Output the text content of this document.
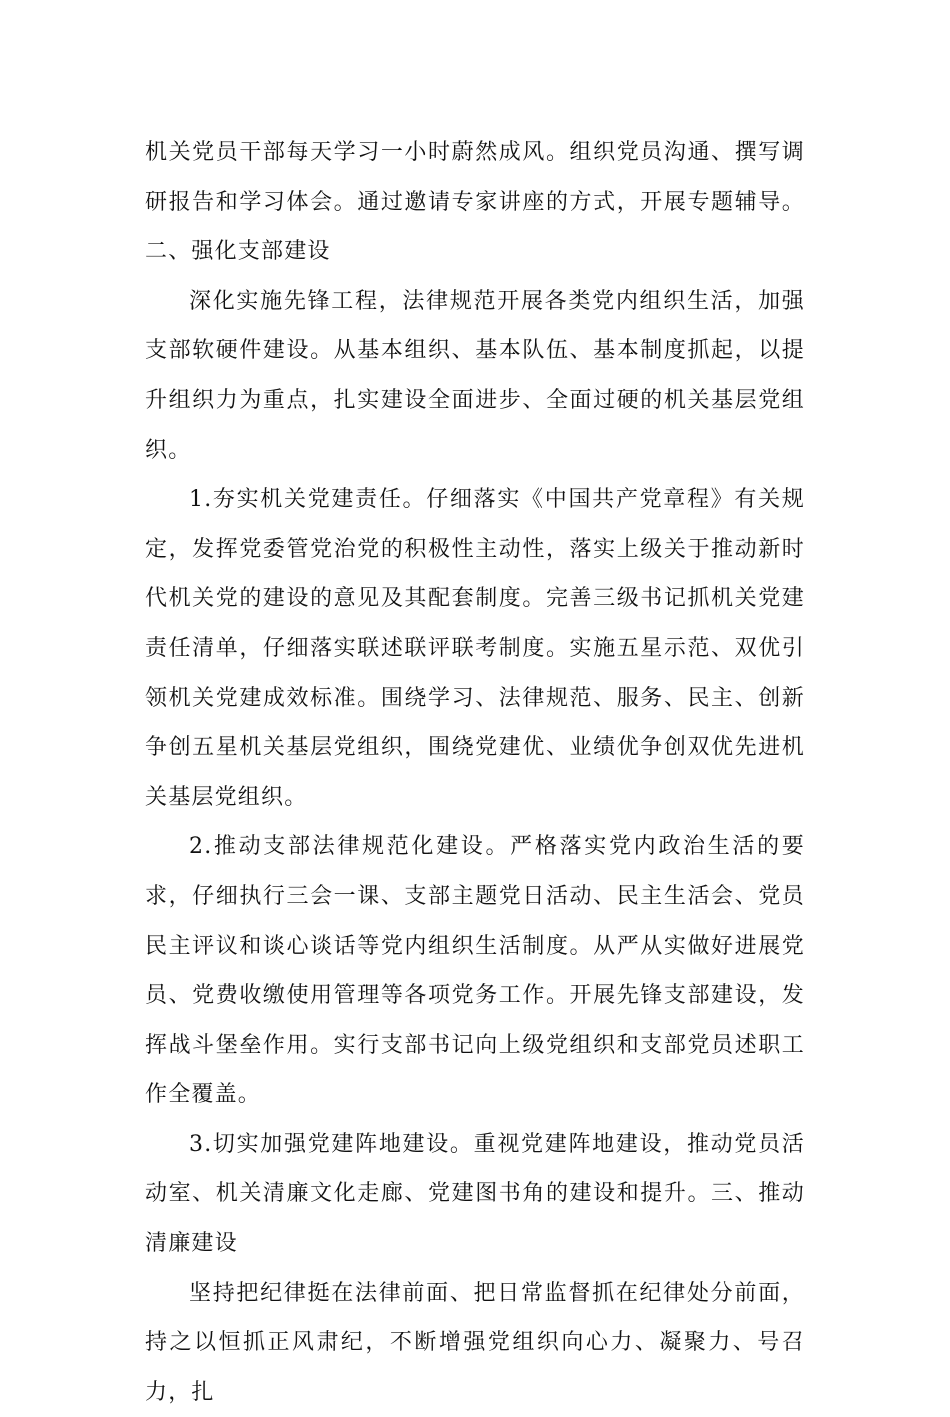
机关党员干部每天学习一小时蔚然成风。组织党员沟通、撰写调研报告和学习体会。通过邀请专家讲座的方式，开展专题辅导。二、强化支部建设

深化实施先锋工程，法律规范开展各类党内组织生活，加强支部软硬件建设。从基本组织、基本队伍、基本制度抓起，以提升组织力为重点，扎实建设全面进步、全面过硬的机关基层党组织。

1.夯实机关党建责任。仔细落实《中国共产党章程》有关规定，发挥党委管党治党的积极性主动性，落实上级关于推动新时代机关党的建设的意见及其配套制度。完善三级书记抓机关党建责任清单，仔细落实联述联评联考制度。实施五星示范、双优引领机关党建成效标准。围绕学习、法律规范、服务、民主、创新争创五星机关基层党组织，围绕党建优、业绩优争创双优先进机关基层党组织。

2.推动支部法律规范化建设。严格落实党内政治生活的要求，仔细执行三会一课、支部主题党日活动、民主生活会、党员民主评议和谈心谈话等党内组织生活制度。从严从实做好进展党员、党费收缴使用管理等各项党务工作。开展先锋支部建设，发挥战斗堡垒作用。实行支部书记向上级党组织和支部党员述职工作全覆盖。

3.切实加强党建阵地建设。重视党建阵地建设，推动党员活动室、机关清廉文化走廊、党建图书角的建设和提升。三、推动清廉建设

坚持把纪律挺在法律前面、把日常监督抓在纪律处分前面，持之以恒抓正风肃纪，不断增强党组织向心力、凝聚力、号召力，扎
